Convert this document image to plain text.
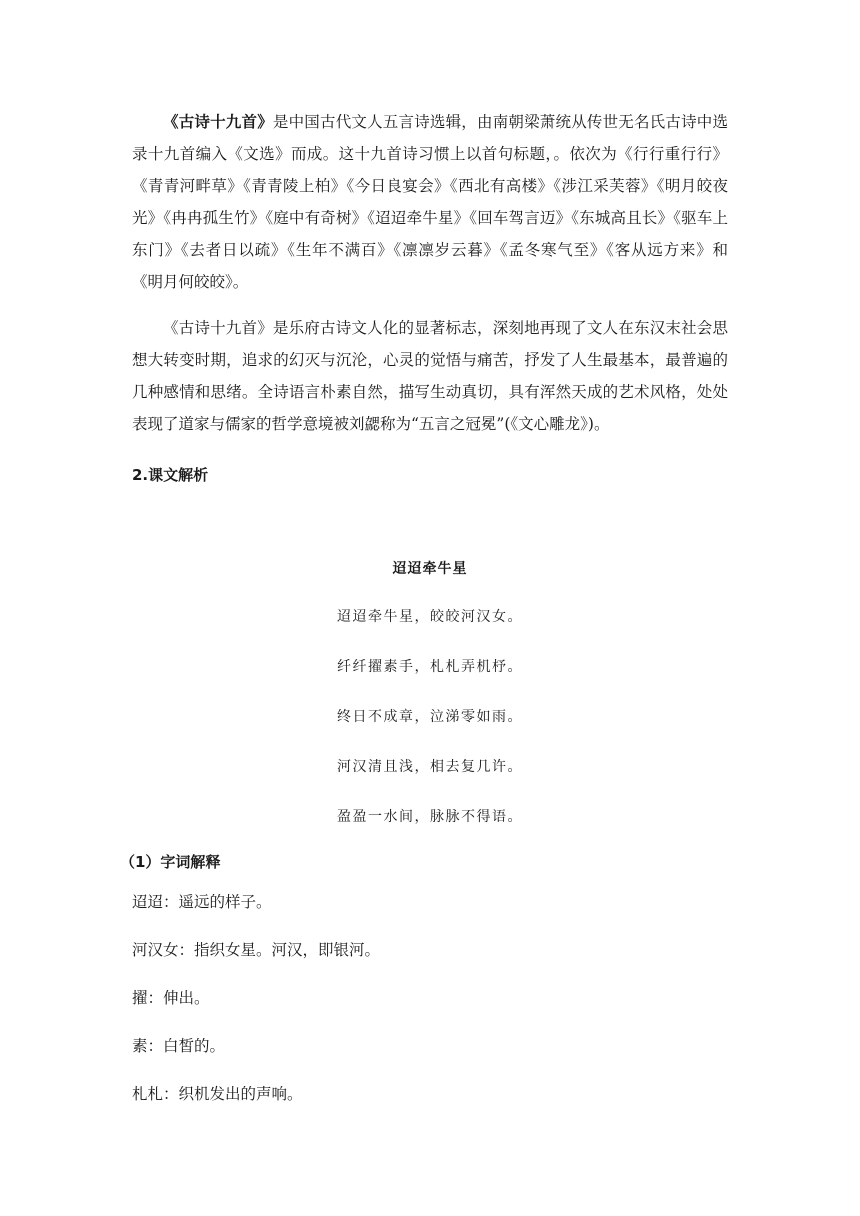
《古诗十九首》是中国古代文人五言诗选辑，由南朝梁萧统从传世无名氏古诗中选录十九首编入《文选》而成。这十九首诗习惯上以首句标题，。依次为《行行重行行》《青青河畔草》《青青陵上柏》《今日良宴会》《西北有高楼》《涉江采芙蓉》《明月皎夜光》《冉冉孤生竹》《庭中有奇树》《迢迢牵牛星》《回车驾言迈》《东城高且长》《驱车上东门》《去者日以疏》《生年不满百》《凛凛岁云暮》《孟冬寒气至》《客从远方来》和《明月何皎皎》。

《古诗十九首》是乐府古诗文人化的显著标志，深刻地再现了文人在东汉末社会思想大转变时期，追求的幻灭与沉沦，心灵的觉悟与痛苦，抒发了人生最基本，最普遍的几种感情和思绪。全诗语言朴素自然，描写生动真切，具有浑然天成的艺术风格，处处表现了道家与儒家的哲学意境被刘勰称为“五言之冠冕”(《文心雕龙》)。

2.课文解析
迢迢牵牛星
迢迢牵牛星，皎皎河汉女。
纤纤擢素手，札札弄机杼。
终日不成章，泣涕零如雨。
河汉清且浅，相去复几许。
盈盈一水间，脉脉不得语。
（1）字词解释
迢迢：遥远的样子。
河汉女：指织女星。河汉，即银河。
擢：伸出。
素：白皙的。
札札：织机发出的声响。
